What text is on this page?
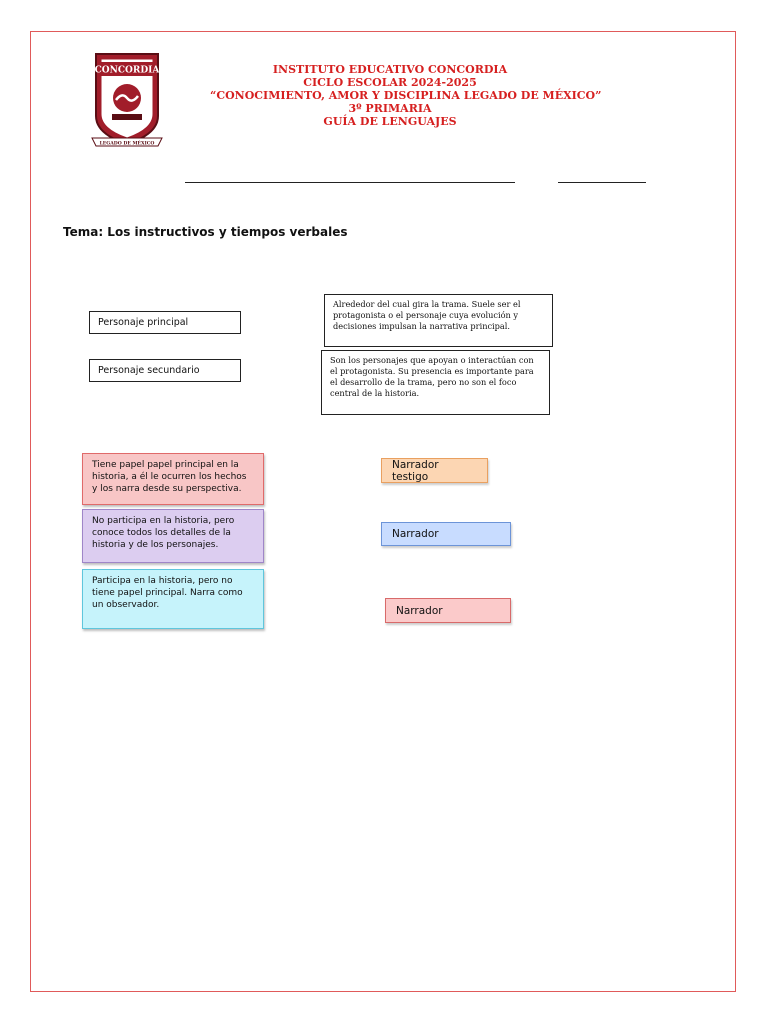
CONCORDIA
LEGADO DE MÉXICO
INSTITUTO EDUCATIVO CONCORDIA
CICLO ESCOLAR 2024-2025
“CONOCIMIENTO, AMOR Y DISCIPLINA LEGADO DE MÉXICO”
3º PRIMARIA
GUÍA DE LENGUAJES
Tema: Los instructivos y tiempos verbales
Personaje principal
Personaje secundario
Alrededor del cual gira la trama. Suele ser el protagonista o el personaje cuya evolución y decisiones impulsan la narrativa principal.
Son los personajes que apoyan o interactúan con el protagonista. Su presencia es importante para el desarrollo de la trama, pero no son el foco central de la historia.
Tiene papel papel principal en la historia, a él le ocurren los hechos y los narra desde su perspectiva.
No participa en la historia, pero conoce todos los detalles de la historia y de los personajes.
Participa en la historia, pero no tiene papel principal. Narra como un observador.
Narrador testigo
Narrador
Narrador
